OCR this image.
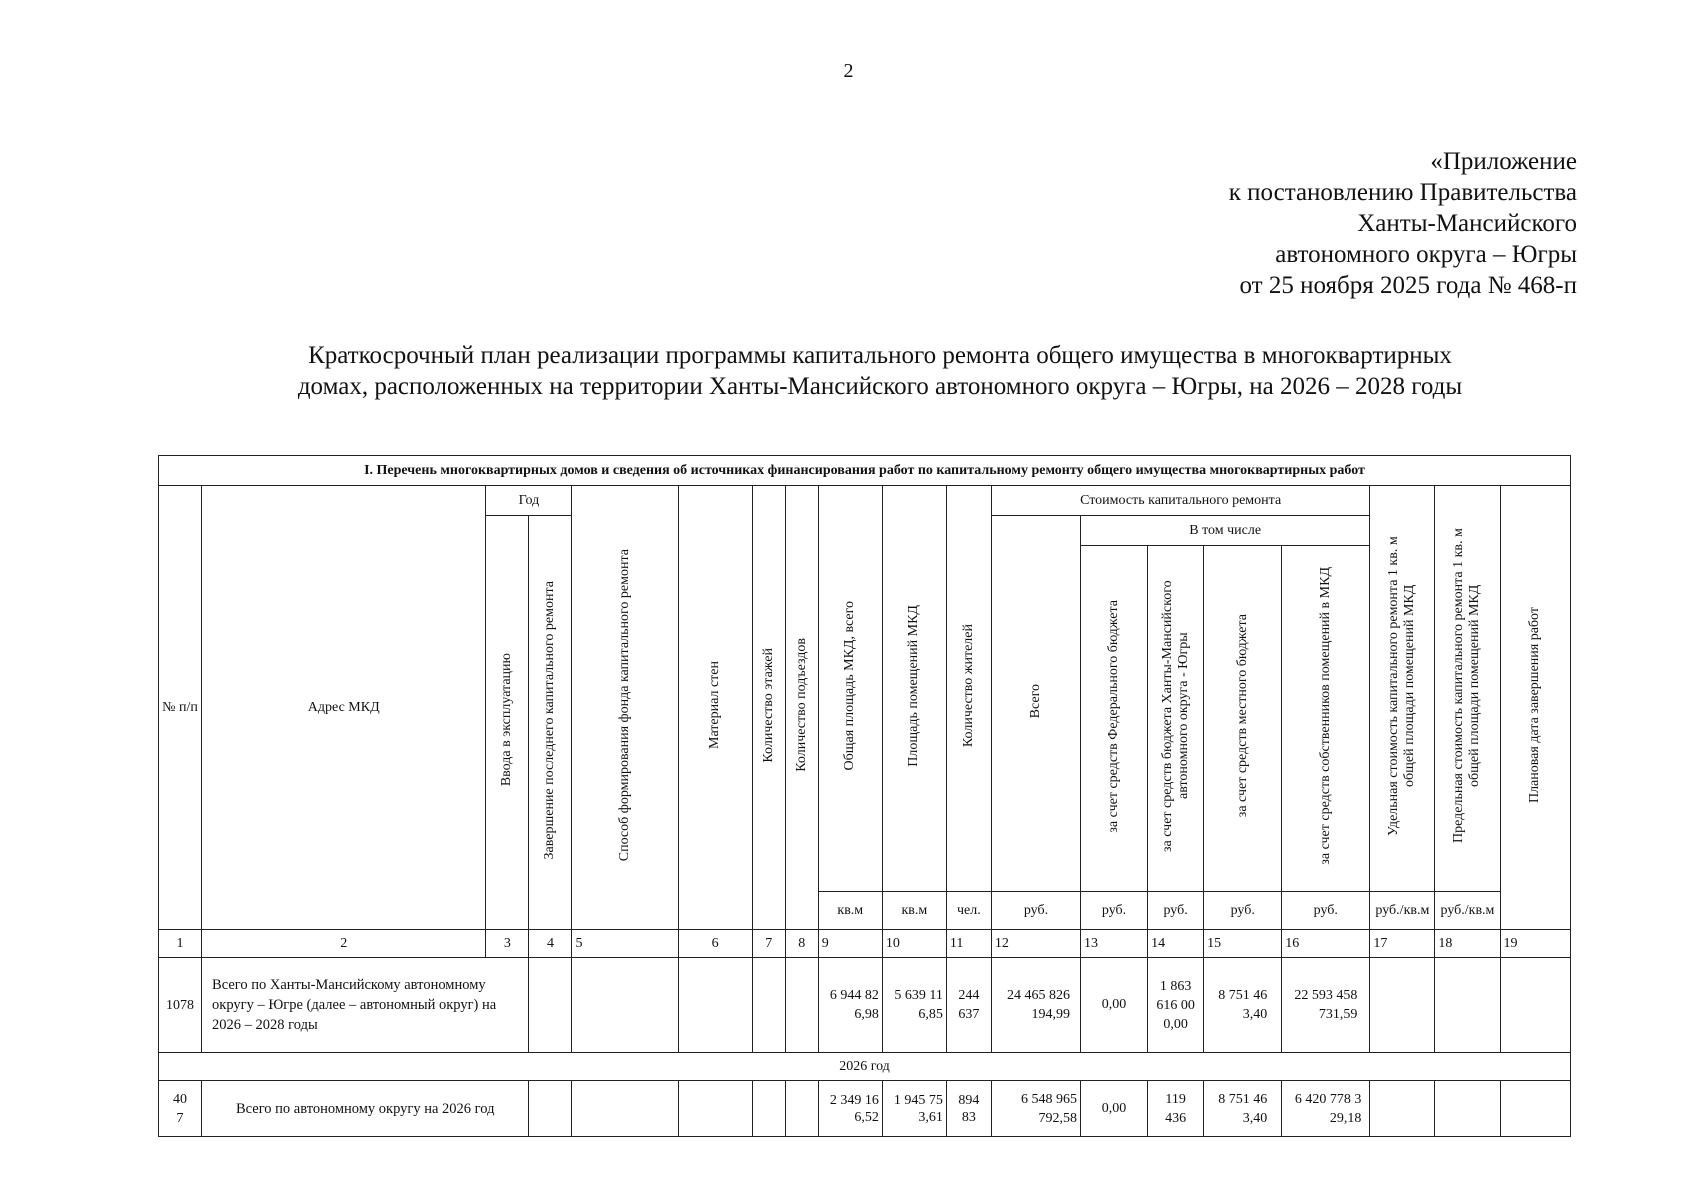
2
«Приложение
к постановлению Правительства
Ханты-Мансийского
автономного округа – Югры
от 25 ноября 2025 года № 468-п
Краткосрочный план реализации программы капитального ремонта общего имущества в многоквартирных
домах, расположенных на территории Ханты-Мансийского автономного округа – Югры, на 2026 – 2028 годы
I. Перечень многоквартирных домов и сведения об источниках финансирования работ по капитальному ремонту общего имущества многоквартирных работ																		
№ п/п	Адрес МКД	Год		Способ формирования фонда капитального ремонта	Материал стен	Количество этажей	Количество подъездов	Общая площадь МКД, всего	Площадь помещений МКД	Количество жителей	Стоимость капитального ремонта					Удельная стоимость капитального ремонта 1 кв. м общей площади помещений МКД	Предельная стоимость капитального ремонта 1 кв. м общей площади помещений МКД	Плановая дата завершения работ
		Ввода в эксплуатацию	Завершение последнего капитального ремонта								Всего	В том числе						
												за счет средств Федерального бюджета	за счет средств бюджета Ханты-Мансийского автономного округа - Югры	за счет средств местного бюджета	за счет средств собственников помещений в МКД			
								кв.м	кв.м	чел.	руб.	руб.	руб.	руб.	руб.	руб./кв.м	руб./кв.м	
1	2	3	4	5	6	7	8	9	10	11	12	13	14	15	16	17	18	19
1078	Всего по Ханты-Мансийскому автономному округу – Югре (далее – автономный округ) на 2026 – 2028 годы							6 944 826,98	5 639 116,85	244637	24 465 826 194,99	0,00	1 863 616 000,00	8 751 463,40	22 593 458 731,59			
2026 год																		
407	Всего по автономному округу на 2026 год							2 349 166,52	1 945 753,61	89483	6 548 965 792,58	0,00	119 436	8 751 463,40	6 420 778 329,18			
